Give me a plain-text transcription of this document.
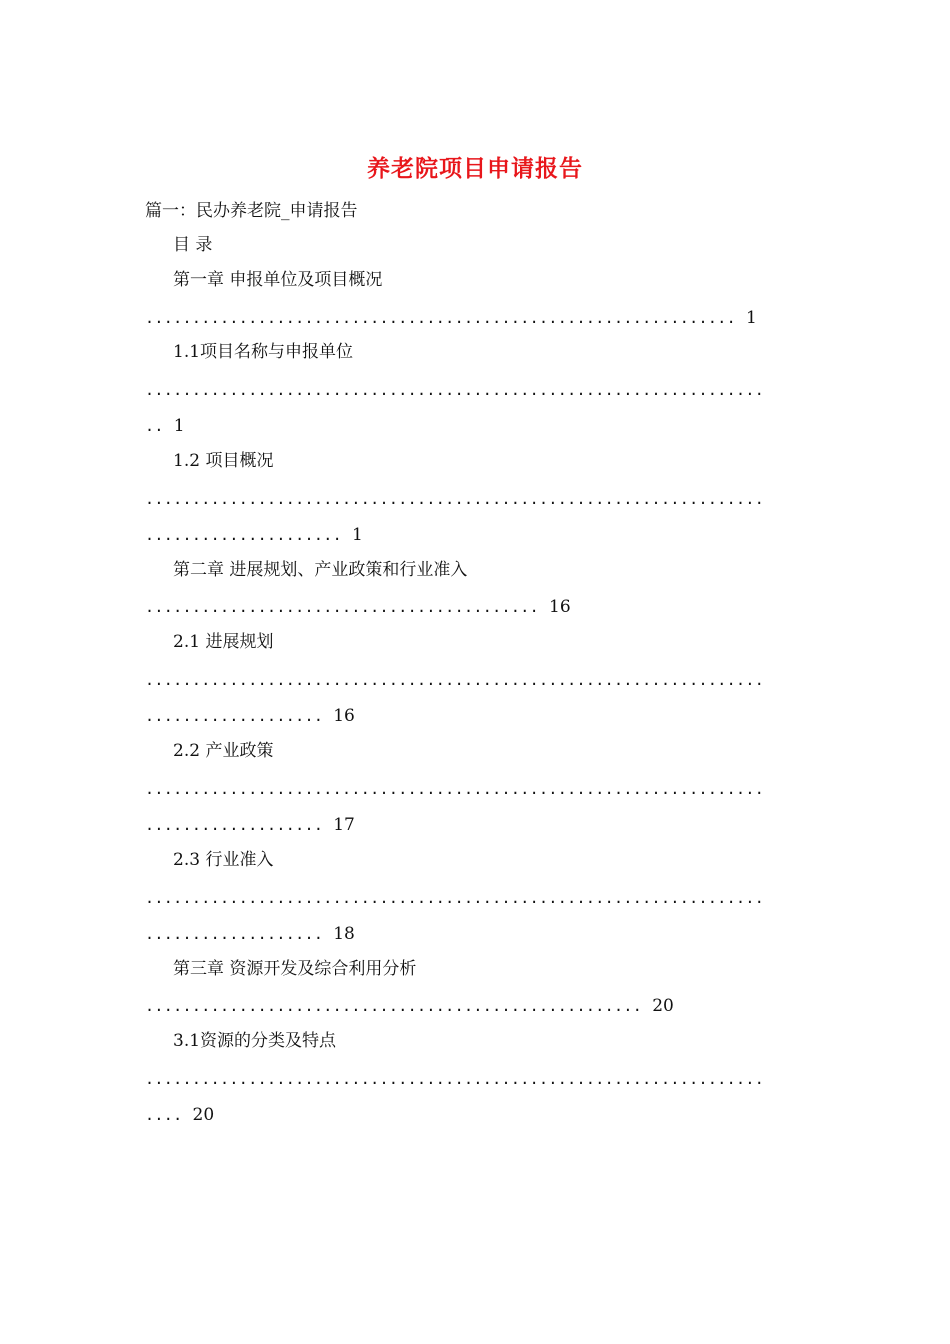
养老院项目申请报告
篇一：民办养老院_申请报告
目 录
第一章 申报单位及项目概况
............................................................... 1
1.1项目名称与申报单位
..................................................................
.. 1
1.2 项目概况
..................................................................
..................... 1
第二章 进展规划、产业政策和行业准入
.......................................... 16
2.1 进展规划
..................................................................
................... 16
2.2 产业政策
..................................................................
................... 17
2.3 行业准入
..................................................................
................... 18
第三章 资源开发及综合利用分析
..................................................... 20
3.1资源的分类及特点
..................................................................
.... 20
